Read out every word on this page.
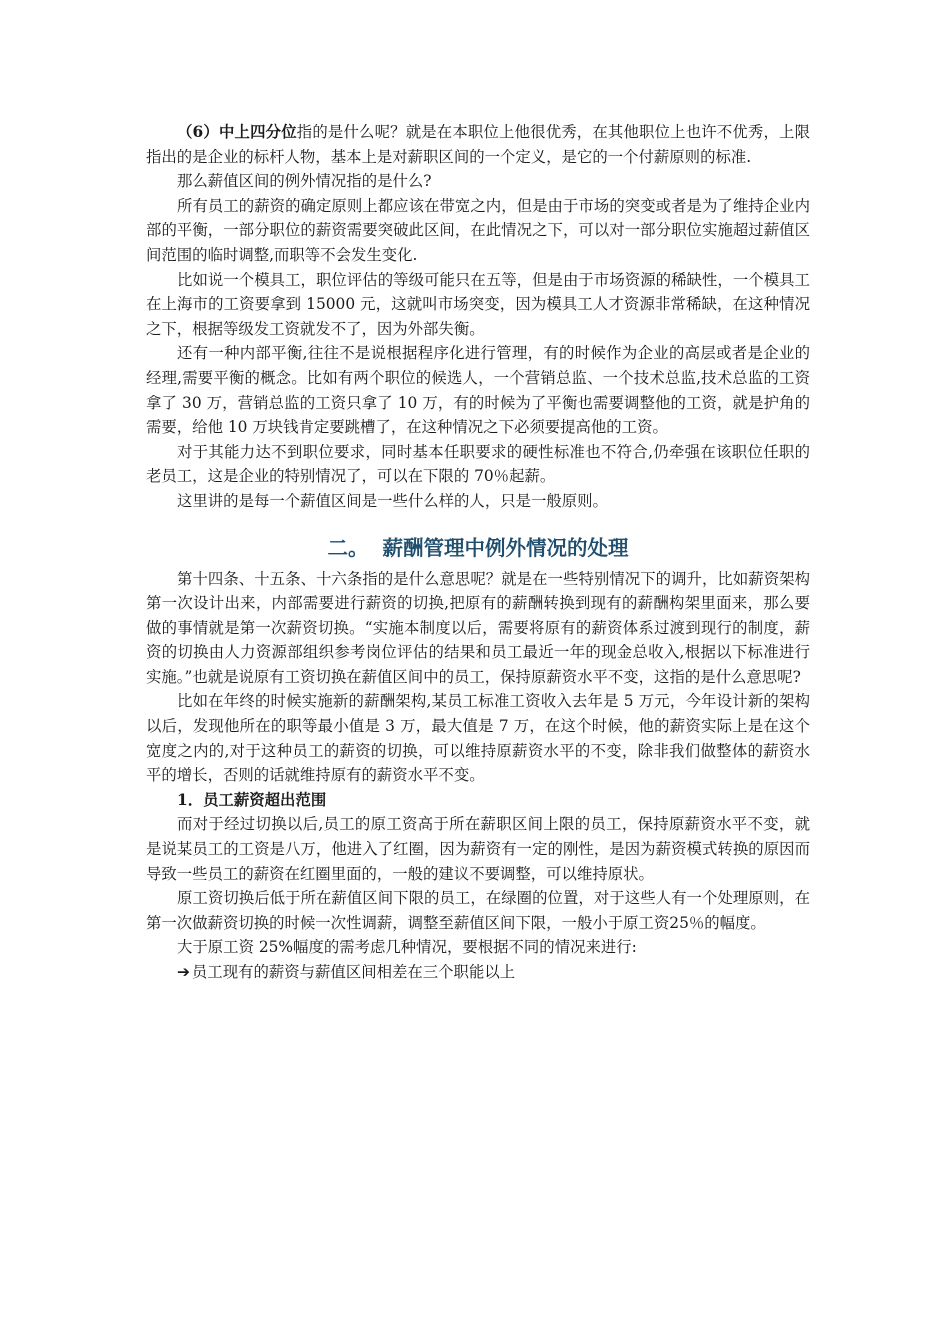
（6）中上四分位指的是什么呢？就是在本职位上他很优秀，在其他职位上也许不优秀，上限指出的是企业的标杆人物，基本上是对薪职区间的一个定义，是它的一个付薪原则的标准.

那么薪值区间的例外情况指的是什么?

所有员工的薪资的确定原则上都应该在带宽之内，但是由于市场的突变或者是为了维持企业内部的平衡，一部分职位的薪资需要突破此区间，在此情况之下，可以对一部分职位实施超过薪值区间范围的临时调整,而职等不会发生变化.

比如说一个模具工，职位评估的等级可能只在五等，但是由于市场资源的稀缺性，一个模具工在上海市的工资要拿到 15000 元，这就叫市场突变，因为模具工人才资源非常稀缺，在这种情况之下，根据等级发工资就发不了，因为外部失衡。

还有一种内部平衡,往往不是说根据程序化进行管理，有的时候作为企业的高层或者是企业的经理,需要平衡的概念。比如有两个职位的候选人，一个营销总监、一个技术总监,技术总监的工资拿了 30 万，营销总监的工资只拿了 10 万，有的时候为了平衡也需要调整他的工资，就是护角的需要，给他 10 万块钱肯定要跳槽了，在这种情况之下必须要提高他的工资。

对于其能力达不到职位要求，同时基本任职要求的硬性标准也不符合,仍牵强在该职位任职的老员工，这是企业的特别情况了，可以在下限的 70％起薪。

这里讲的是每一个薪值区间是一些什么样的人，只是一般原则。

二。 薪酬管理中例外情况的处理

第十四条、十五条、十六条指的是什么意思呢？就是在一些特别情况下的调升，比如薪资架构第一次设计出来，内部需要进行薪资的切换,把原有的薪酬转换到现有的薪酬构架里面来，那么要做的事情就是第一次薪资切换。“实施本制度以后，需要将原有的薪资体系过渡到现行的制度，薪资的切换由人力资源部组织参考岗位评估的结果和员工最近一年的现金总收入,根据以下标准进行实施。”也就是说原有工资切换在薪值区间中的员工，保持原薪资水平不变，这指的是什么意思呢?

比如在年终的时候实施新的薪酬架构,某员工标准工资收入去年是 5 万元，今年设计新的架构以后，发现他所在的职等最小值是 3 万，最大值是 7 万，在这个时候，他的薪资实际上是在这个宽度之内的,对于这种员工的薪资的切换，可以维持原薪资水平的不变，除非我们做整体的薪资水平的增长，否则的话就维持原有的薪资水平不变。

1．员工薪资超出范围

而对于经过切换以后,员工的原工资高于所在薪职区间上限的员工，保持原薪资水平不变，就是说某员工的工资是八万，他进入了红圈，因为薪资有一定的刚性，是因为薪资模式转换的原因而导致一些员工的薪资在红圈里面的，一般的建议不要调整，可以维持原状。

原工资切换后低于所在薪值区间下限的员工，在绿圈的位置，对于这些人有一个处理原则，在第一次做薪资切换的时候一次性调薪，调整至薪值区间下限，一般小于原工资25％的幅度。

大于原工资 25%幅度的需考虑几种情况，要根据不同的情况来进行:

➔ 员工现有的薪资与薪值区间相差在三个职能以上
